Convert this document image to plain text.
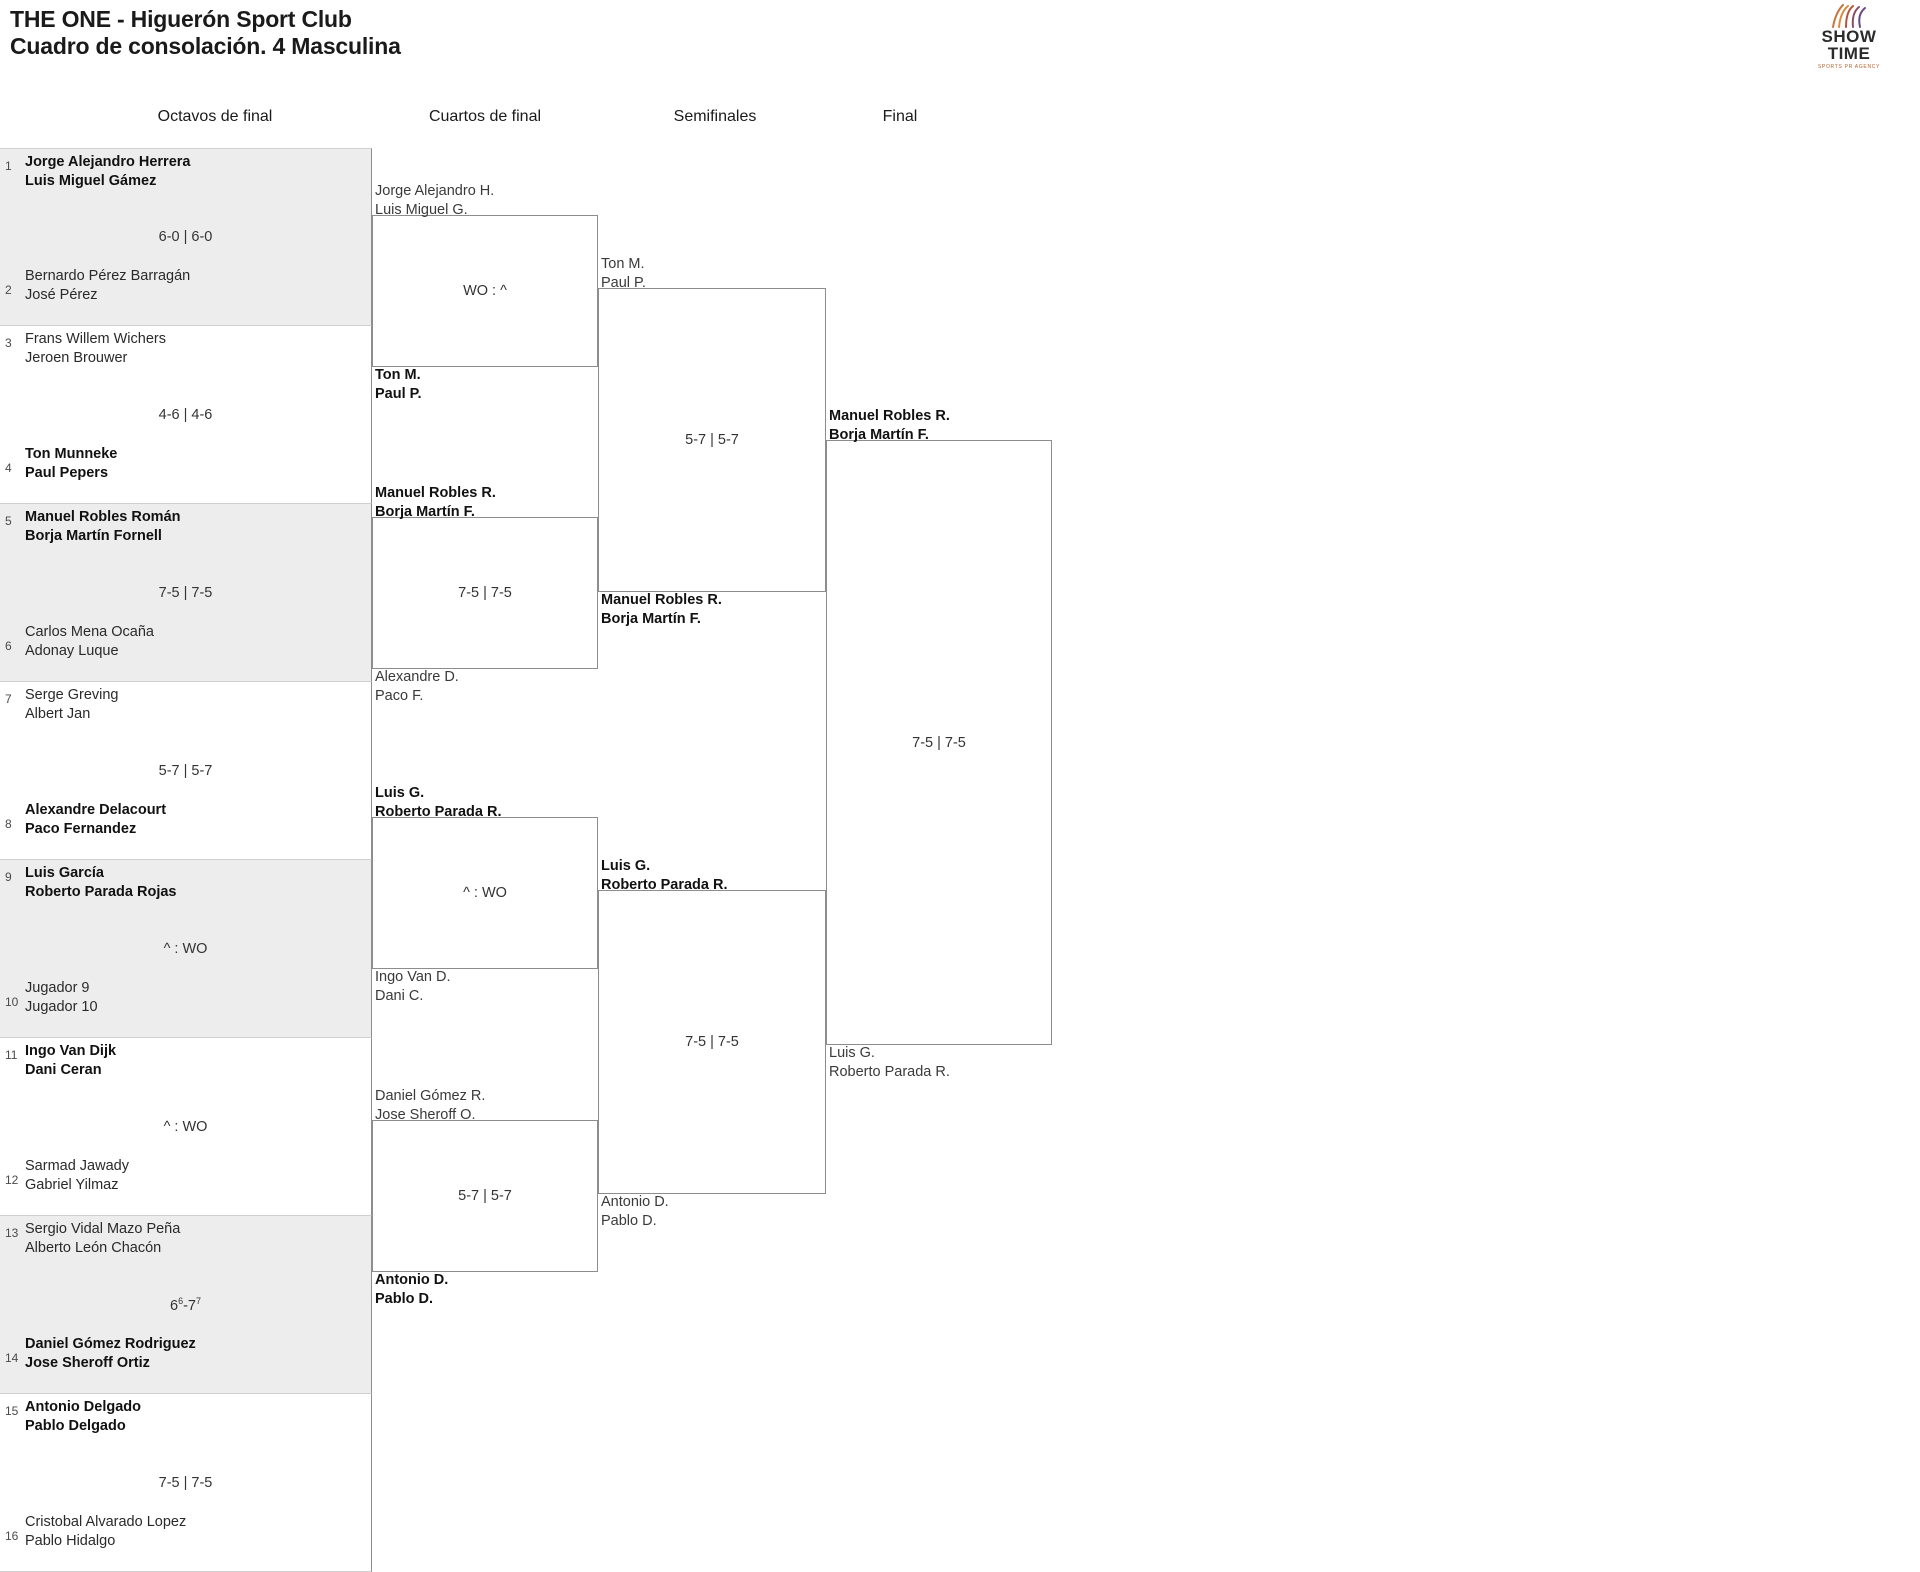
THE ONE - Higuerón Sport Club
Cuadro de consolación. 4 Masculina	SHOW
TIME
SPORTS PR AGENCY
Octavos de final	Cuartos de final	Semifinales	Final
1 Jorge Alejandro Herrera
Luis Miguel Gámez
6-0 | 6-0
2
Bernardo Pérez Barragán
José Pérez
3 Frans Willem Wichers
Jeroen Brouwer
4-6 | 4-6
4
Ton Munneke
Paul Pepers
5 Manuel Robles Román
Borja Martín Fornell
7-5 | 7-5
6
Carlos Mena Ocaña
Adonay Luque
7 Serge Greving
Albert Jan
5-7 | 5-7
8
Alexandre Delacourt
Paco Fernandez
9 Luis García
Roberto Parada Rojas
^ : WO
10
Jugador 9
Jugador 10
11 Ingo Van Dijk
Dani Ceran
^ : WO
12
Sarmad Jawady
Gabriel Yilmaz
13 Sergio Vidal Mazo Peña
Alberto León Chacón
$6^6-7^7$
14
Daniel Gómez Rodriguez
Jose Sheroff Ortiz
15 Antonio Delgado
Pablo Delgado
7-5 | 7-5
16
Cristobal Alvarado Lopez
Pablo Hidalgo
Jorge Alejandro H.
Luis Miguel G.
WO : ^
Ton M.
Paul P.
Manuel Robles R.
Borja Martín F.
7-5 | 7-5
Alexandre D.
Paco F.
Luis G.
Roberto Parada R.
^ : WO
Ingo Van D.
Dani C.
Daniel Gómez R.
Jose Sheroff O.
5-7 | 5-7
Antonio D.
Pablo D.
Ton M.
Paul P.
5-7 | 5-7
Manuel Robles R.
Borja Martín F.
Luis G.
Roberto Parada R.
7-5 | 7-5
Antonio D.
Pablo D.
Manuel Robles R.
Borja Martín F.
7-5 | 7-5
Luis G.
Roberto Parada R.
